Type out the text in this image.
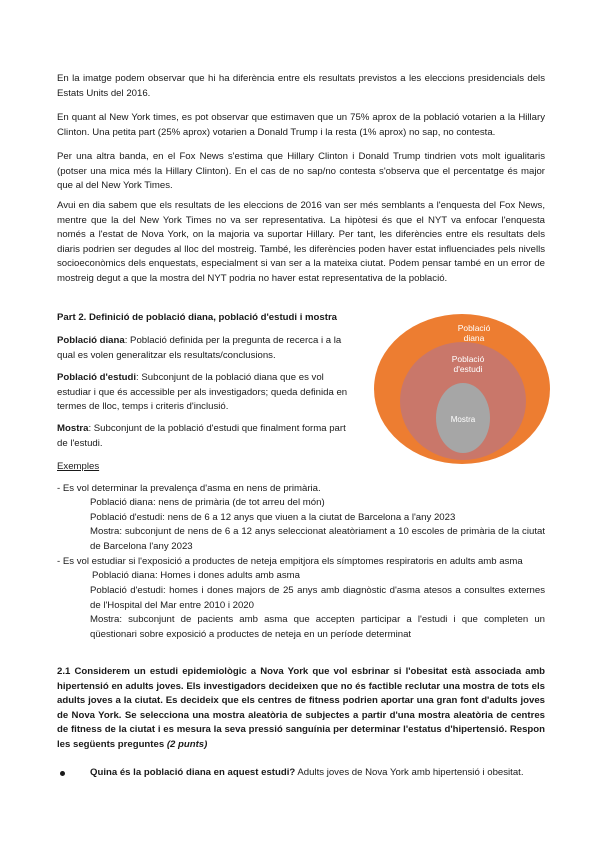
En la imatge podem observar que hi ha diferència entre els resultats previstos a les eleccions presidencials dels Estats Units del 2016.

En quant al New York times, es pot observar que estimaven que un 75% aprox de la població votarien a la Hillary Clinton. Una petita part (25% aprox) votarien a Donald Trump i la resta (1% aprox) no sap, no contesta.

Per una altra banda, en el Fox News s'estima que Hillary Clinton i Donald Trump tindrien vots molt igualitaris (potser una mica més la Hillary Clinton). En el cas de no sap/no contesta s'observa que el percentatge és major que al del New York Times.

Avui en dia sabem que els resultats de les eleccions de 2016 van ser més semblants a l'enquesta del Fox News, mentre que la del New York Times no va ser representativa. La hipòtesi és que el NYT va enfocar l'enquesta només a l'estat de Nova York, on la majoria va suportar Hillary. Per tant, les diferències entre els resultats dels diaris podrien ser degudes al lloc del mostreig. També, les diferències poden haver estat influenciades pels nivells socioeconòmics dels enquestats, especialment si van ser a la mateixa ciutat. Podem pensar també en un error de mostreig degut a que la mostra del NYT podria no haver estat representativa de la població.

Part 2. Definició de població diana, població d'estudi i mostra

Població diana: Població definida per la pregunta de recerca i a la qual es volen generalitzar els resultats/conclusions.

Població d'estudi: Subconjunt de la població diana que es vol estudiar i que és accessible per als investigadors; queda definida en termes de lloc, temps i criteris d'inclusió.

Mostra: Subconjunt de la població d'estudi que finalment forma part de l'estudi.

Població
diana
Població
d'estudi
Mostra

Exemples

- Es vol determinar la prevalença d'asma en nens de primària.

Població diana: nens de primària (de tot arreu del món)

Població d'estudi: nens de 6 a 12 anys que viuen a la ciutat de Barcelona a l'any 2023

Mostra: subconjunt de nens de 6 a 12 anys seleccionat aleatòriament a 10 escoles de primària de la ciutat de Barcelona l'any 2023

- Es vol estudiar si l'exposició a productes de neteja empitjora els símptomes respiratoris en adults amb asma

Població diana: Homes i dones adults amb asma

Població d'estudi: homes i dones majors de 25 anys amb diagnòstic d'asma atesos a consultes externes de l'Hospital del Mar entre 2010 i 2020

Mostra: subconjunt de pacients amb asma que accepten participar a l'estudi i que completen un qüestionari sobre exposició a productes de neteja en un període determinat

2.1 Considerem un estudi epidemiològic a Nova York que vol esbrinar si l'obesitat està associada amb hipertensió en adults joves. Els investigadors decideixen que no és factible reclutar una mostra de tots els adults joves a la ciutat. Es decideix que els centres de fitness podrien aportar una gran font d'adults joves de Nova York. Se selecciona una mostra aleatòria de subjectes a partir d'una mostra aleatòria de centres de fitness de la ciutat i es mesura la seva pressió sanguínia per determinar l'estatus d'hipertensió. Respon les següents preguntes (2 punts)

Quina és la població diana en aquest estudi? Adults joves de Nova York amb hipertensió i obesitat.
